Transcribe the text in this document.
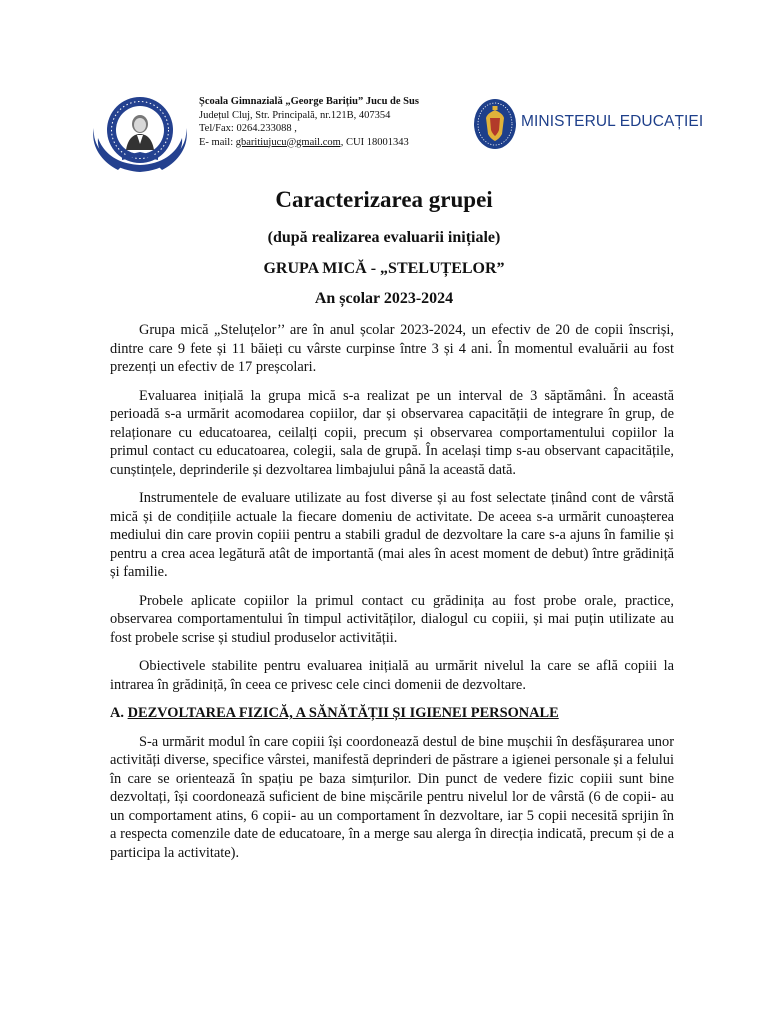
Școala Gimnazială „George Barițiu” Jucu de Sus
Județul Cluj, Str. Principală, nr.121B, 407354
Tel/Fax: 0264.233088 ,
E- mail: gbaritiujucu@gmail.com, CUI 18001343
MINISTERUL EDUCAȚIEI
Caracterizarea grupei
(după realizarea evaluarii inițiale)
GRUPA MICĂ - „STELUȚELOR”
An școlar 2023-2024

Grupa mică „Steluțelor’’ are în anul școlar 2023-2024, un efectiv de 20 de copii înscriși, dintre care 9 fete și 11 băieți cu vârste curpinse între 3 și 4 ani. În momentul evaluării au fost prezenți un efectiv de 17 preșcolari.

Evaluarea inițială la grupa mică s-a realizat pe un interval de 3 săptămâni. În această perioadă s-a urmărit acomodarea copiilor, dar și observarea capacității de integrare în grup, de relaționare cu educatoarea, ceilalți copii, precum și observarea comportamentului copiilor la primul contact cu educatoarea, colegii, sala de grupă. În același timp s-au observant capacitățile, cunștințele, deprinderile și dezvoltarea limbajului până la această dată.

Instrumentele de evaluare utilizate au fost diverse și au fost selectate ținând cont de vârstă mică și de condițiile actuale la fiecare domeniu de activitate. De aceea s-a urmărit cunoașterea mediului din care provin copiii pentru a stabili gradul de dezvoltare la care s-a ajuns în familie și pentru a crea acea legătură atât de importantă (mai ales în acest moment de debut) între grădiniță și familie.

Probele aplicate copiilor la primul contact cu grădinița au fost probe orale, practice, observarea comportamentului în timpul activităților, dialogul cu copiii, și mai puțin utilizate au fost probele scrise și studiul produselor activității.

Obiectivele stabilite pentru evaluarea inițială au urmărit nivelul la care se află copiii la intrarea în grădiniță, în ceea ce privesc cele cinci domenii de dezvoltare.

A. DEZVOLTAREA FIZICĂ, A SĂNĂTĂȚII ȘI IGIENEI PERSONALE

S-a urmărit modul în care copiii își coordonează destul de bine mușchii în desfășurarea unor activități diverse, specifice vârstei, manifestă deprinderi de păstrare a igienei personale și a felului în care se orientează în spațiu pe baza simțurilor. Din punct de vedere fizic copiii sunt bine dezvoltați, își coordonează suficient de bine mișcările pentru nivelul lor de vârstă (6 de copii- au un comportament atins, 6 copii- au un comportament în dezvoltare, iar 5 copii necesită sprijin în a respecta comenzile date de educatoare, în a merge sau alerga în direcția indicată, precum și de a participa la activitate).
